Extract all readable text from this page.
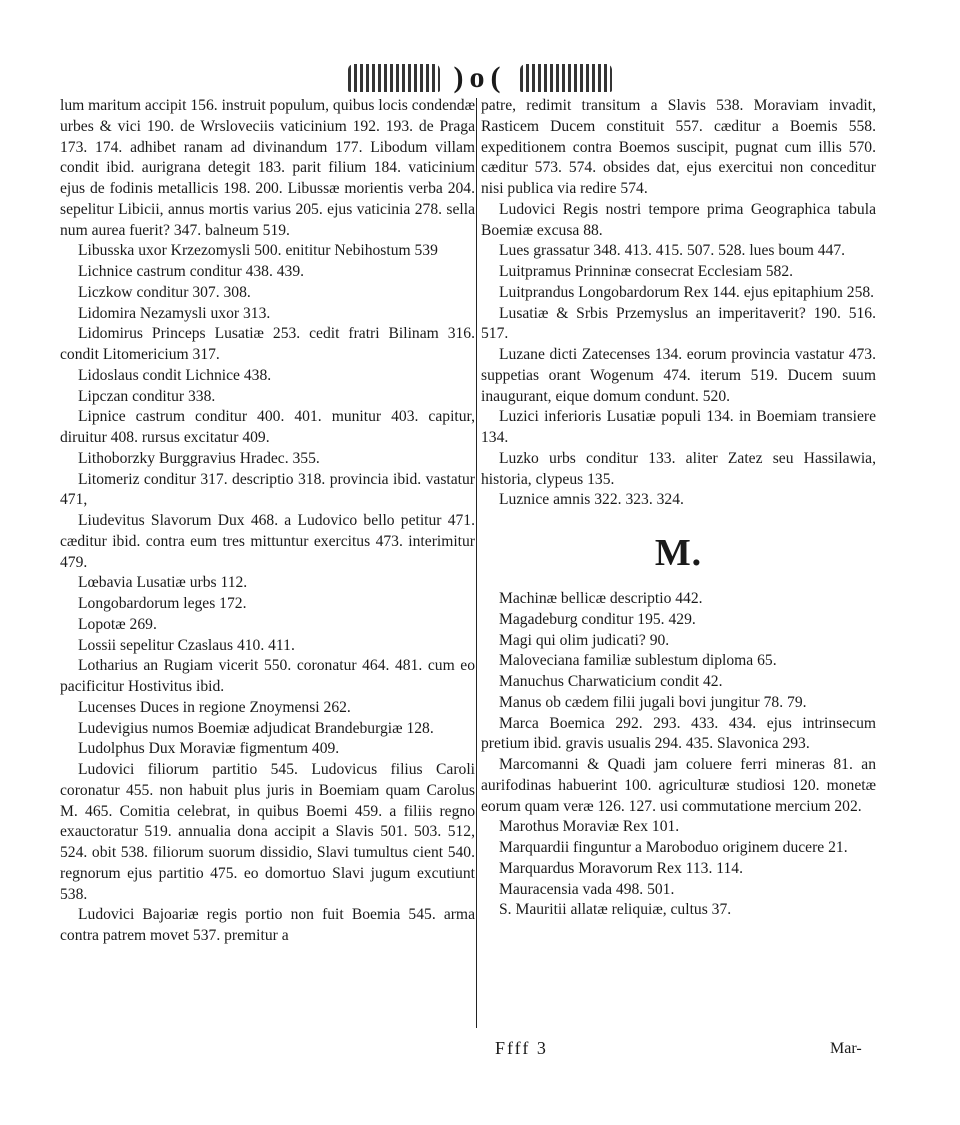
)o(

lum maritum accipit 156. instruit populum, quibus locis condendæ urbes & vici 190. de Wrsloveciis vaticinium 192. 193. de Praga 173. 174. adhibet ranam ad divinandum 177. Libodum villam condit ibid. aurigrana detegit 183. parit filium 184. vaticinium ejus de fodinis metallicis 198. 200. Libussæ morientis verba 204. sepelitur Libicii, annus mortis varius 205. ejus vaticinia 278. sella num aurea fuerit? 347. balneum 519.

Libusska uxor Krzezomysli 500. enititur Nebihostum 539

Lichnice castrum conditur 438. 439.

Liczkow conditur 307. 308.

Lidomira Nezamysli uxor 313.

Lidomirus Princeps Lusatiæ 253. cedit fratri Bilinam 316. condit Litomericium 317.

Lidoslaus condit Lichnice 438.

Lipczan conditur 338.

Lipnice castrum conditur 400. 401. munitur 403. capitur, diruitur 408. rursus excitatur 409.

Lithoborzky Burggravius Hradec. 355.

Litomeriz conditur 317. descriptio 318. provincia ibid. vastatur 471,

Liudevitus Slavorum Dux 468. a Ludovico bello petitur 471. cæditur ibid. contra eum tres mittuntur exercitus 473. interimitur 479.

Lœbavia Lusatiæ urbs 112.

Longobardorum leges 172.

Lopotæ 269.

Lossii sepelitur Czaslaus 410. 411.

Lotharius an Rugiam vicerit 550. coronatur 464. 481. cum eo pacificitur Hostivitus ibid.

Lucenses Duces in regione Znoymensi 262.

Ludevigius numos Boemiæ adjudicat Brandeburgiæ 128.

Ludolphus Dux Moraviæ figmentum 409.

Ludovici filiorum partitio 545. Ludovicus filius Caroli coronatur 455. non habuit plus juris in Boemiam quam Carolus M. 465. Comitia celebrat, in quibus Boemi 459. a filiis regno exauctoratur 519. annualia dona accipit a Slavis 501. 503. 512, 524. obit 538. filiorum suorum dissidio, Slavi tumultus cient 540. regnorum ejus partitio 475. eo domortuo Slavi jugum excutiunt 538.

Ludovici Bajoariæ regis portio non fuit Boemia 545. arma contra patrem movet 537. premitur a

patre, redimit transitum a Slavis 538. Moraviam invadit, Rasticem Ducem constituit 557. cæditur a Boemis 558. expeditionem contra Boemos suscipit, pugnat cum illis 570. cæditur 573. 574. obsides dat, ejus exercitui non conceditur nisi publica via redire 574.

Ludovici Regis nostri tempore prima Geographica tabula Boemiæ excusa 88.

Lues grassatur 348. 413. 415. 507. 528. lues boum 447.

Luitpramus Prinninæ consecrat Ecclesiam 582.

Luitprandus Longobardorum Rex 144. ejus epitaphium 258.

Lusatiæ & Srbis Przemyslus an imperitaverit? 190. 516. 517.

Luzane dicti Zatecenses 134. eorum provincia vastatur 473. suppetias orant Wogenum 474. iterum 519. Ducem suum inaugurant, eique domum condunt. 520.

Luzici inferioris Lusatiæ populi 134. in Boemiam transiere 134.

Luzko urbs conditur 133. aliter Zatez seu Hassilawia, historia, clypeus 135.

Luznice amnis 322. 323. 324.

M.

Machinæ bellicæ descriptio 442.

Magadeburg conditur 195. 429.

Magi qui olim judicati? 90.

Maloveciana familiæ sublestum diploma 65.

Manuchus Charwaticium condit 42.

Manus ob cædem filii jugali bovi jungitur 78. 79.

Marca Boemica 292. 293. 433. 434. ejus intrinsecum pretium ibid. gravis usualis 294. 435. Slavonica 293.

Marcomanni & Quadi jam coluere ferri mineras 81. an aurifodinas habuerint 100. agriculturæ studiosi 120. monetæ eorum quam veræ 126. 127. usi commutatione mercium 202.

Marothus Moraviæ Rex 101.

Marquardii finguntur a Maroboduo originem ducere 21.

Marquardus Moravorum Rex 113. 114.

Mauracensia vada 498. 501.

S. Mauritii allatæ reliquiæ, cultus 37.

Ffff 3	Mar-
